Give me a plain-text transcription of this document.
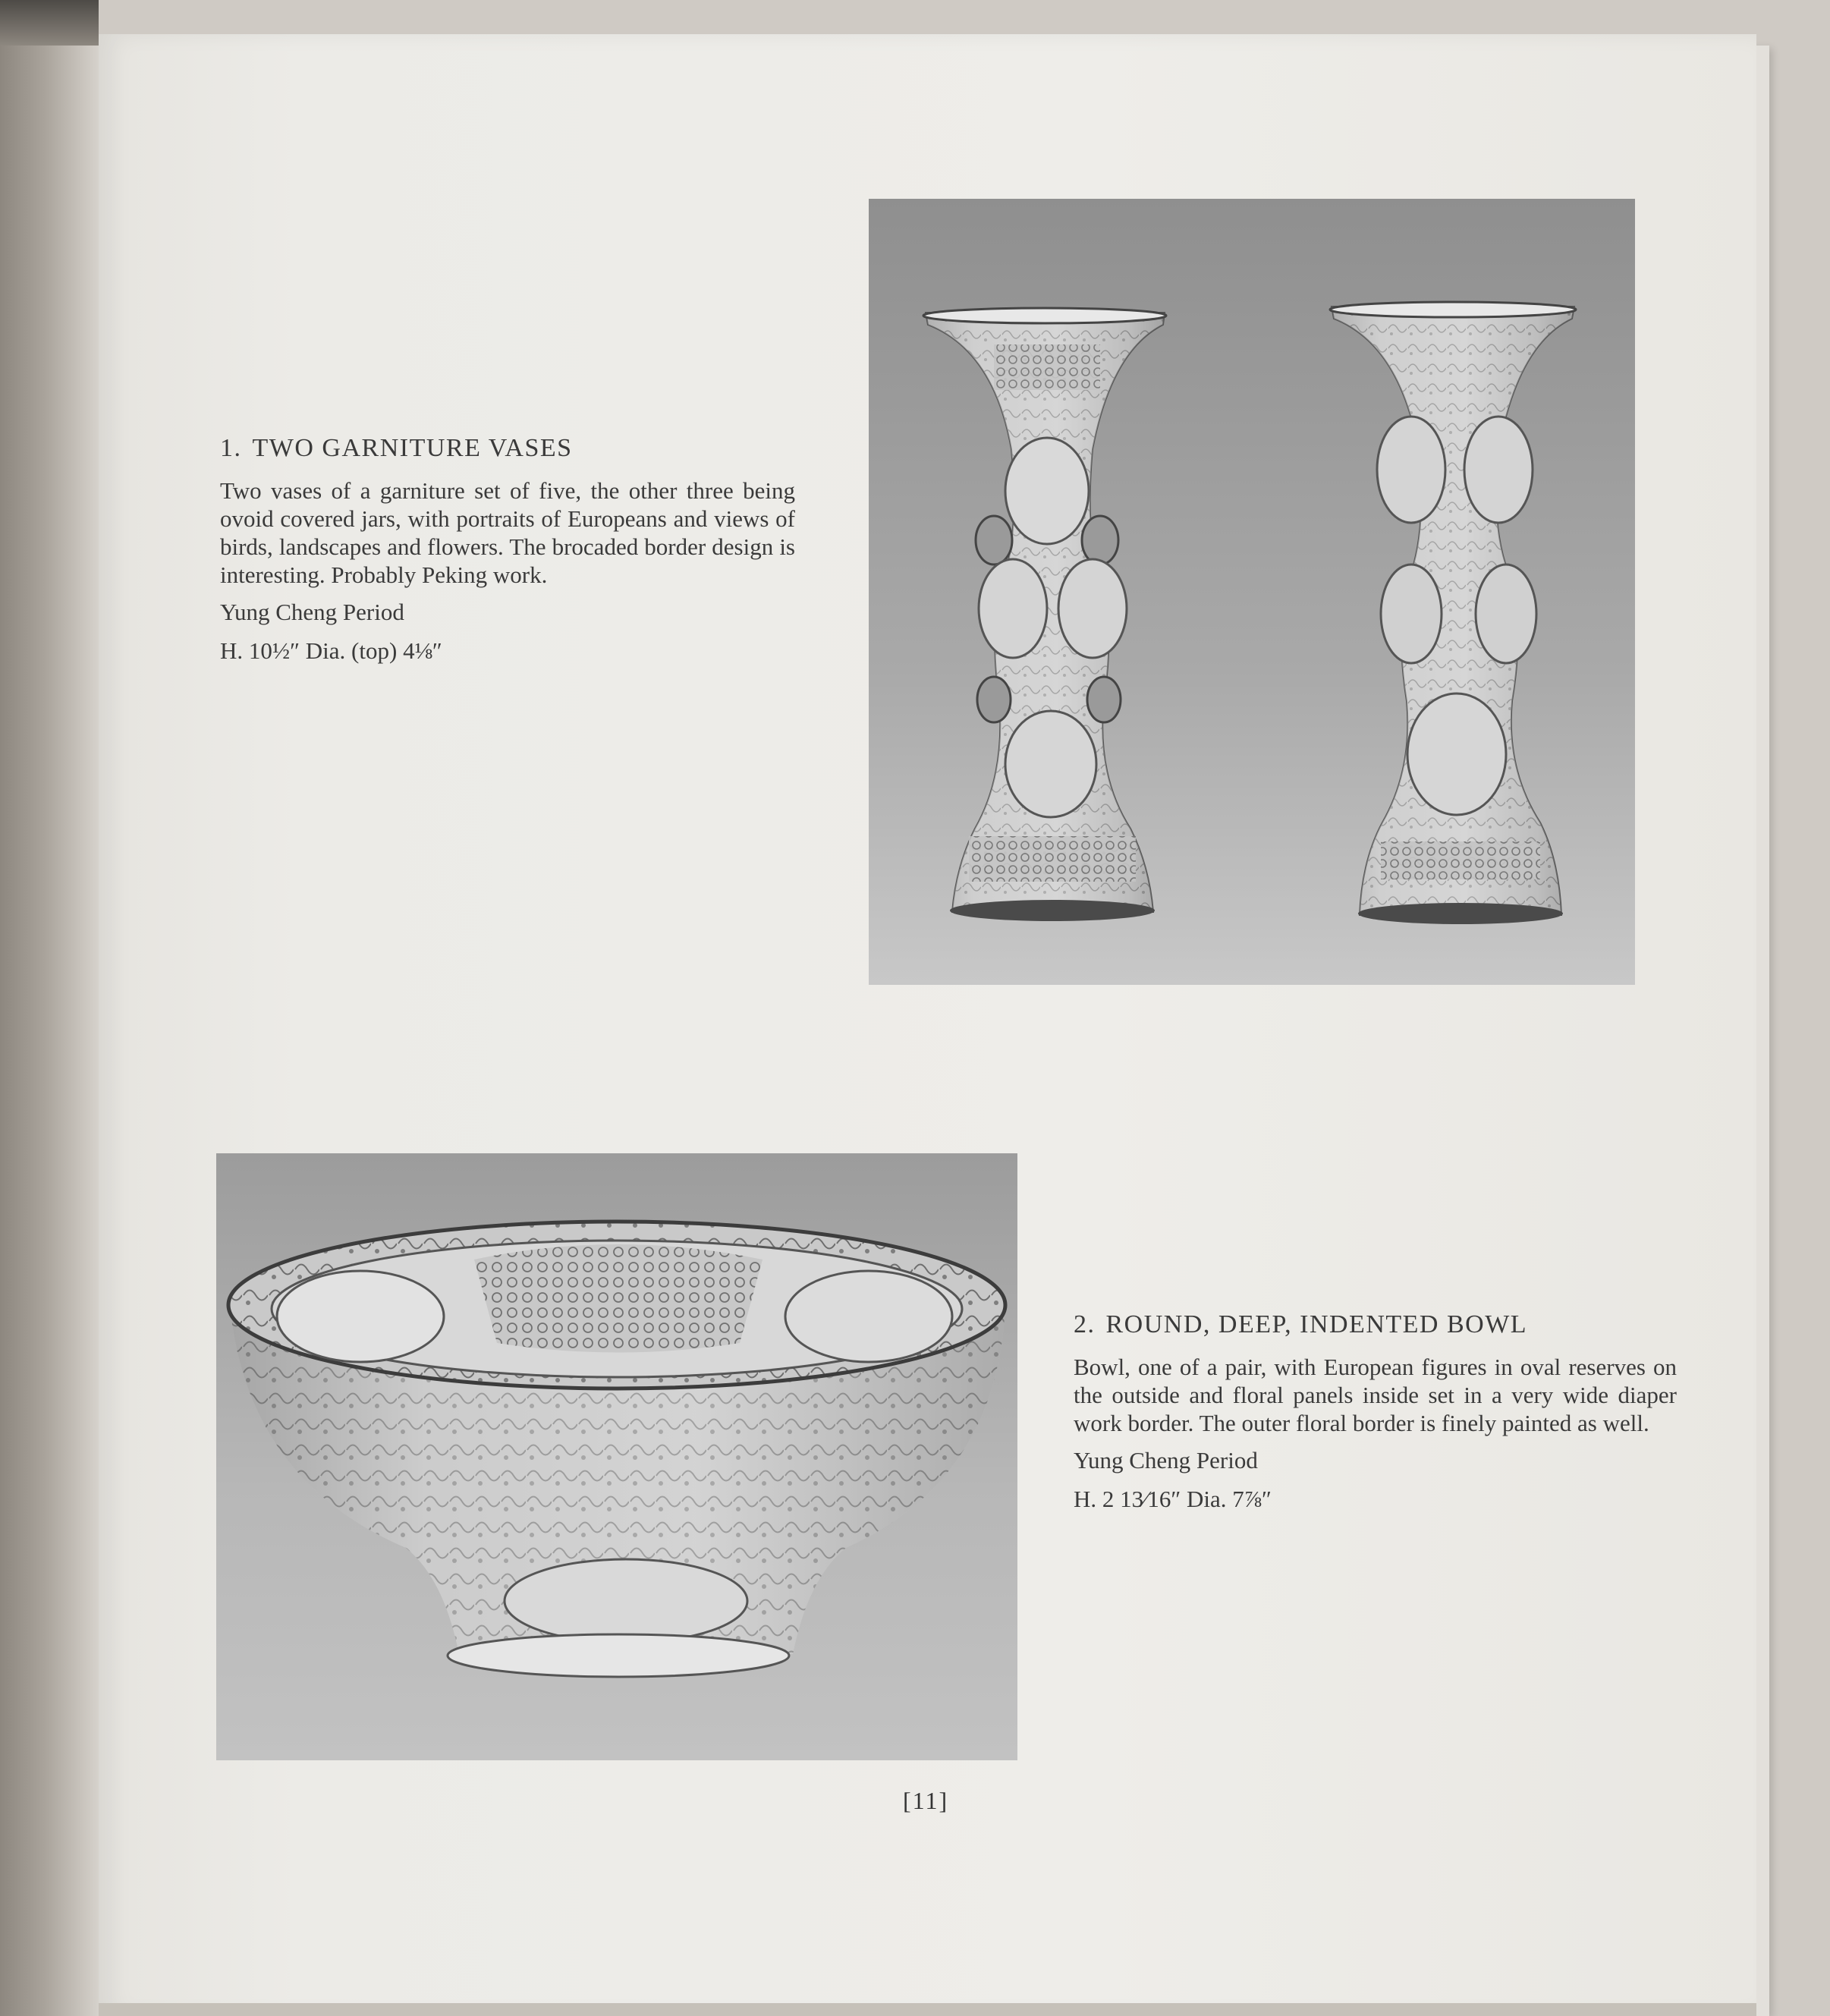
1. TWO GARNITURE VASES

Two vases of a garniture set of five, the other three being ovoid covered jars, with portraits of Europeans and views of birds, landscapes and flowers. The brocaded border design is interesting. Probably Peking work.

Yung Cheng Period

H. 10½″ Dia. (top) 4⅛″

2. ROUND, DEEP, INDENTED BOWL

Bowl, one of a pair, with European figures in oval reserves on the outside and floral panels inside set in a very wide diaper work border. The outer floral border is finely painted as well.

Yung Cheng Period

H. 2 13⁄16″ Dia. 7⅞″

[11]
